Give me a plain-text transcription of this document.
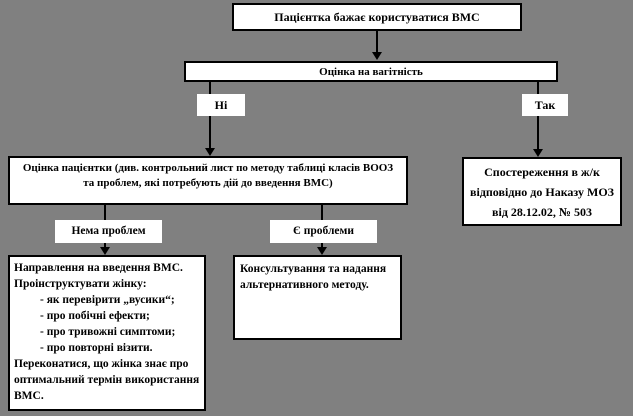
Пацієнтка бажає користуватися ВМС
Оцінка на вагітність
Ні	Так
Оцінка пацієнтки (див. контрольний лист по методу таблиці класів ВООЗ та проблем, які потребують дій до введення ВМС)
Спостереження в ж/к відповідно до Наказу МОЗ від 28.12.02, № 503
Нема проблем	Є проблеми
Направлення на введення ВМС.
Проінструктувати жінку:
- як перевірити „вусики“;
- про побічні ефекти;
- про тривожні симптоми;
- про повторні візити.
Переконатися, що жінка знає про оптимальний термін використання ВМС.
Консультування та надання альтернативного методу.
